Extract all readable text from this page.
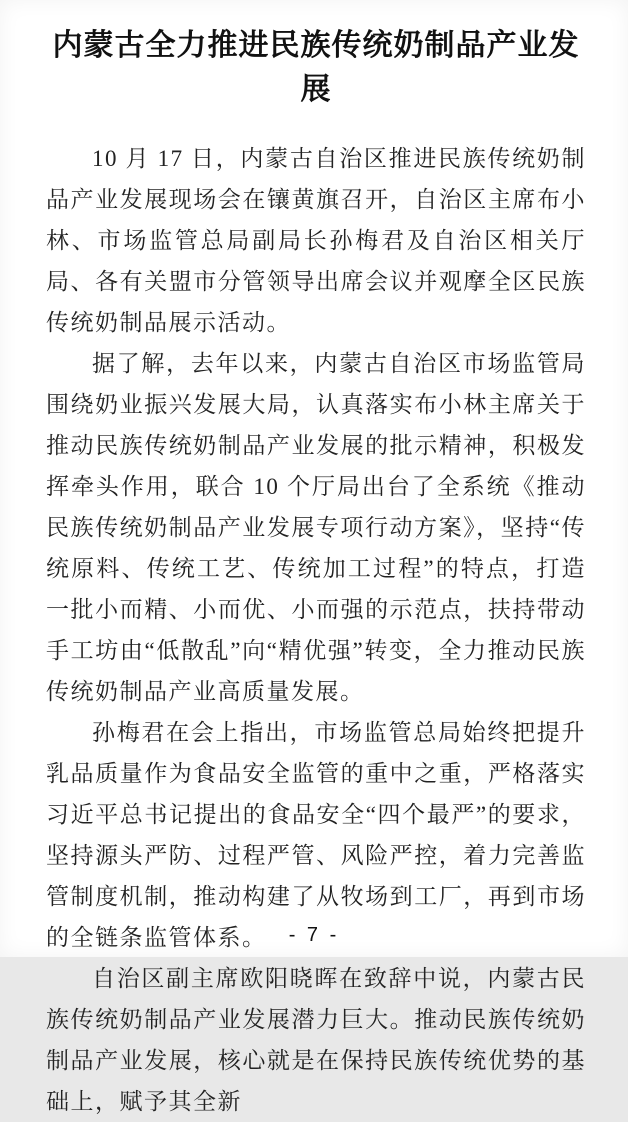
内蒙古全力推进民族传统奶制品产业发展

10 月 17 日，内蒙古自治区推进民族传统奶制品产业发展现场会在镶黄旗召开，自治区主席布小林、市场监管总局副局长孙梅君及自治区相关厅局、各有关盟市分管领导出席会议并观摩全区民族传统奶制品展示活动。

据了解，去年以来，内蒙古自治区市场监管局围绕奶业振兴发展大局，认真落实布小林主席关于推动民族传统奶制品产业发展的批示精神，积极发挥牵头作用，联合 10 个厅局出台了全系统《推动民族传统奶制品产业发展专项行动方案》，坚持“传统原料、传统工艺、传统加工过程”的特点，打造一批小而精、小而优、小而强的示范点，扶持带动手工坊由“低散乱”向“精优强”转变，全力推动民族传统奶制品产业高质量发展。

孙梅君在会上指出，市场监管总局始终把提升乳品质量作为食品安全监管的重中之重，严格落实习近平总书记提出的食品安全“四个最严”的要求，坚持源头严防、过程严管、风险严控，着力完善监管制度机制，推动构建了从牧场到工厂，再到市场的全链条监管体系。

自治区副主席欧阳晓晖在致辞中说，内蒙古民族传统奶制品产业发展潜力巨大。推动民族传统奶制品产业发展，核心就是在保持民族传统优势的基础上，赋予其全新

- 7 -
